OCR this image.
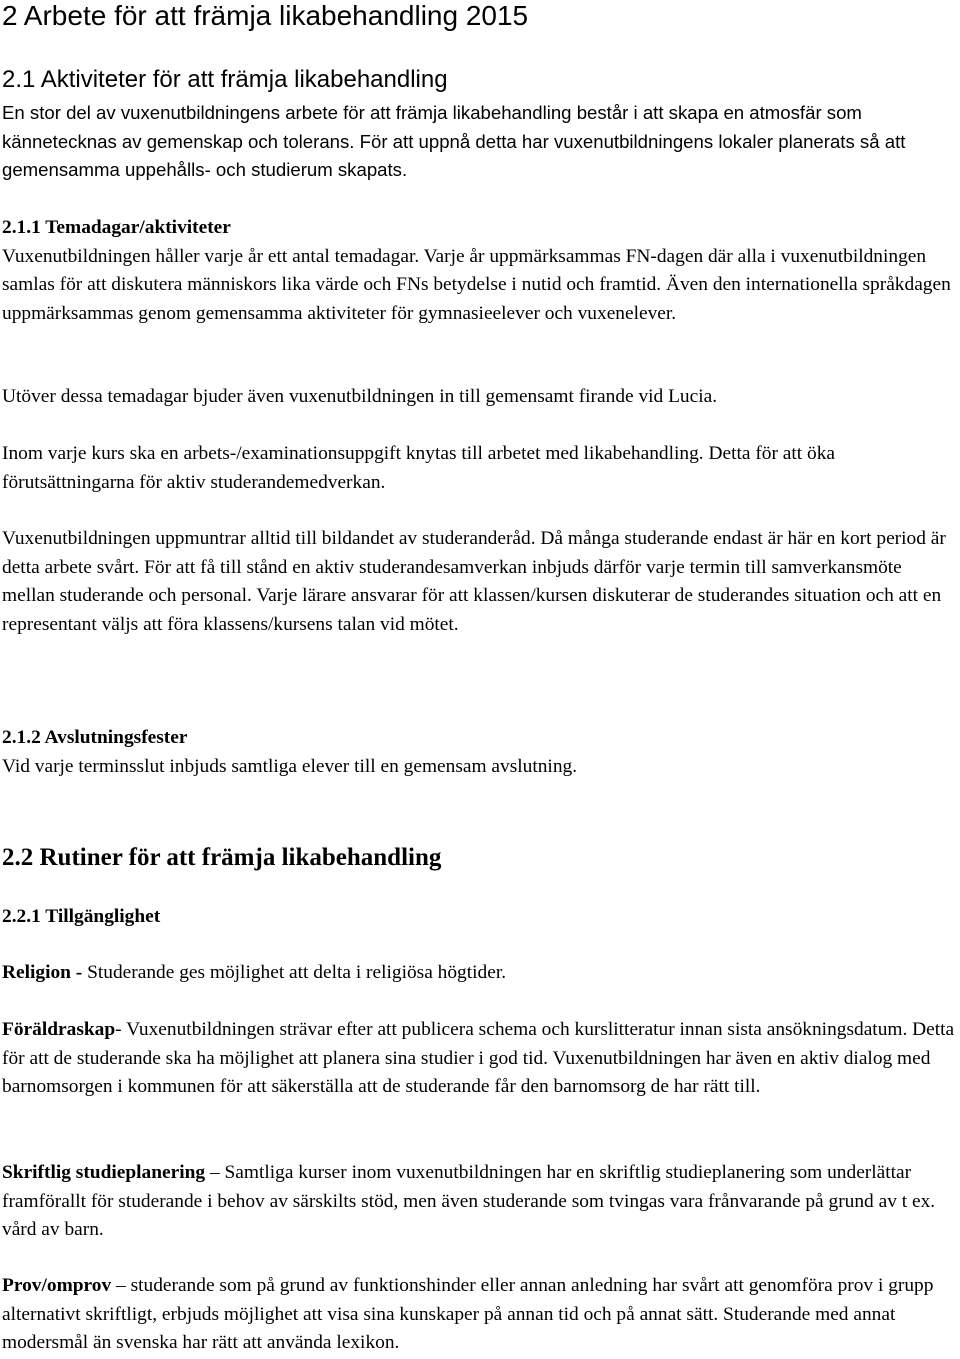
2 Arbete för att främja likabehandling 2015
2.1 Aktiviteter för att främja likabehandling

En stor del av vuxenutbildningens arbete för att främja likabehandling består i att skapa en atmosfär som kännetecknas av gemenskap och tolerans. För att uppnå detta har vuxenutbildningens lokaler planerats så att gemensamma uppehålls- och studierum skapats.

2.1.1 Temadagar/aktiviteter

Vuxenutbildningen håller varje år ett antal temadagar. Varje år uppmärksammas FN-dagen där alla i vuxenutbildningen samlas för att diskutera människors lika värde och FNs betydelse i nutid och framtid. Även den internationella språkdagen uppmärksammas genom gemensamma aktiviteter för gymnasieelever och vuxenelever.

Utöver dessa temadagar bjuder även vuxenutbildningen in till gemensamt firande vid Lucia.

Inom varje kurs ska en arbets-/examinationsuppgift knytas till arbetet med likabehandling. Detta för att öka förutsättningarna för aktiv studerandemedverkan.

Vuxenutbildningen uppmuntrar alltid till bildandet av studeranderåd. Då många studerande endast är här en kort period är detta arbete svårt. För att få till stånd en aktiv studerandesamverkan inbjuds därför varje termin till samverkansmöte mellan studerande och personal. Varje lärare ansvarar för att klassen/kursen diskuterar de studerandes situation och att en representant väljs att föra klassens/kursens talan vid mötet.

2.1.2 Avslutningsfester

Vid varje terminsslut inbjuds samtliga elever till en gemensam avslutning.

2.2 Rutiner för att främja likabehandling
2.2.1 Tillgänglighet

Religion - Studerande ges möjlighet att delta i religiösa högtider.

Föräldraskap- Vuxenutbildningen strävar efter att publicera schema och kurslitteratur innan sista ansökningsdatum. Detta för att de studerande ska ha möjlighet att planera sina studier i god tid. Vuxenutbildningen har även en aktiv dialog med barnomsorgen i kommunen för att säkerställa att de studerande får den barnomsorg de har rätt till.

Skriftlig studieplanering – Samtliga kurser inom vuxenutbildningen har en skriftlig studieplanering som underlättar framförallt för studerande i behov av särskilts stöd, men även studerande som tvingas vara frånvarande på grund av t ex. vård av barn.

Prov/omprov – studerande som på grund av funktionshinder eller annan anledning har svårt att genomföra prov i grupp alternativt skriftligt, erbjuds möjlighet att visa sina kunskaper på annan tid och på annat sätt. Studerande med annat modersmål än svenska har rätt att använda lexikon.
